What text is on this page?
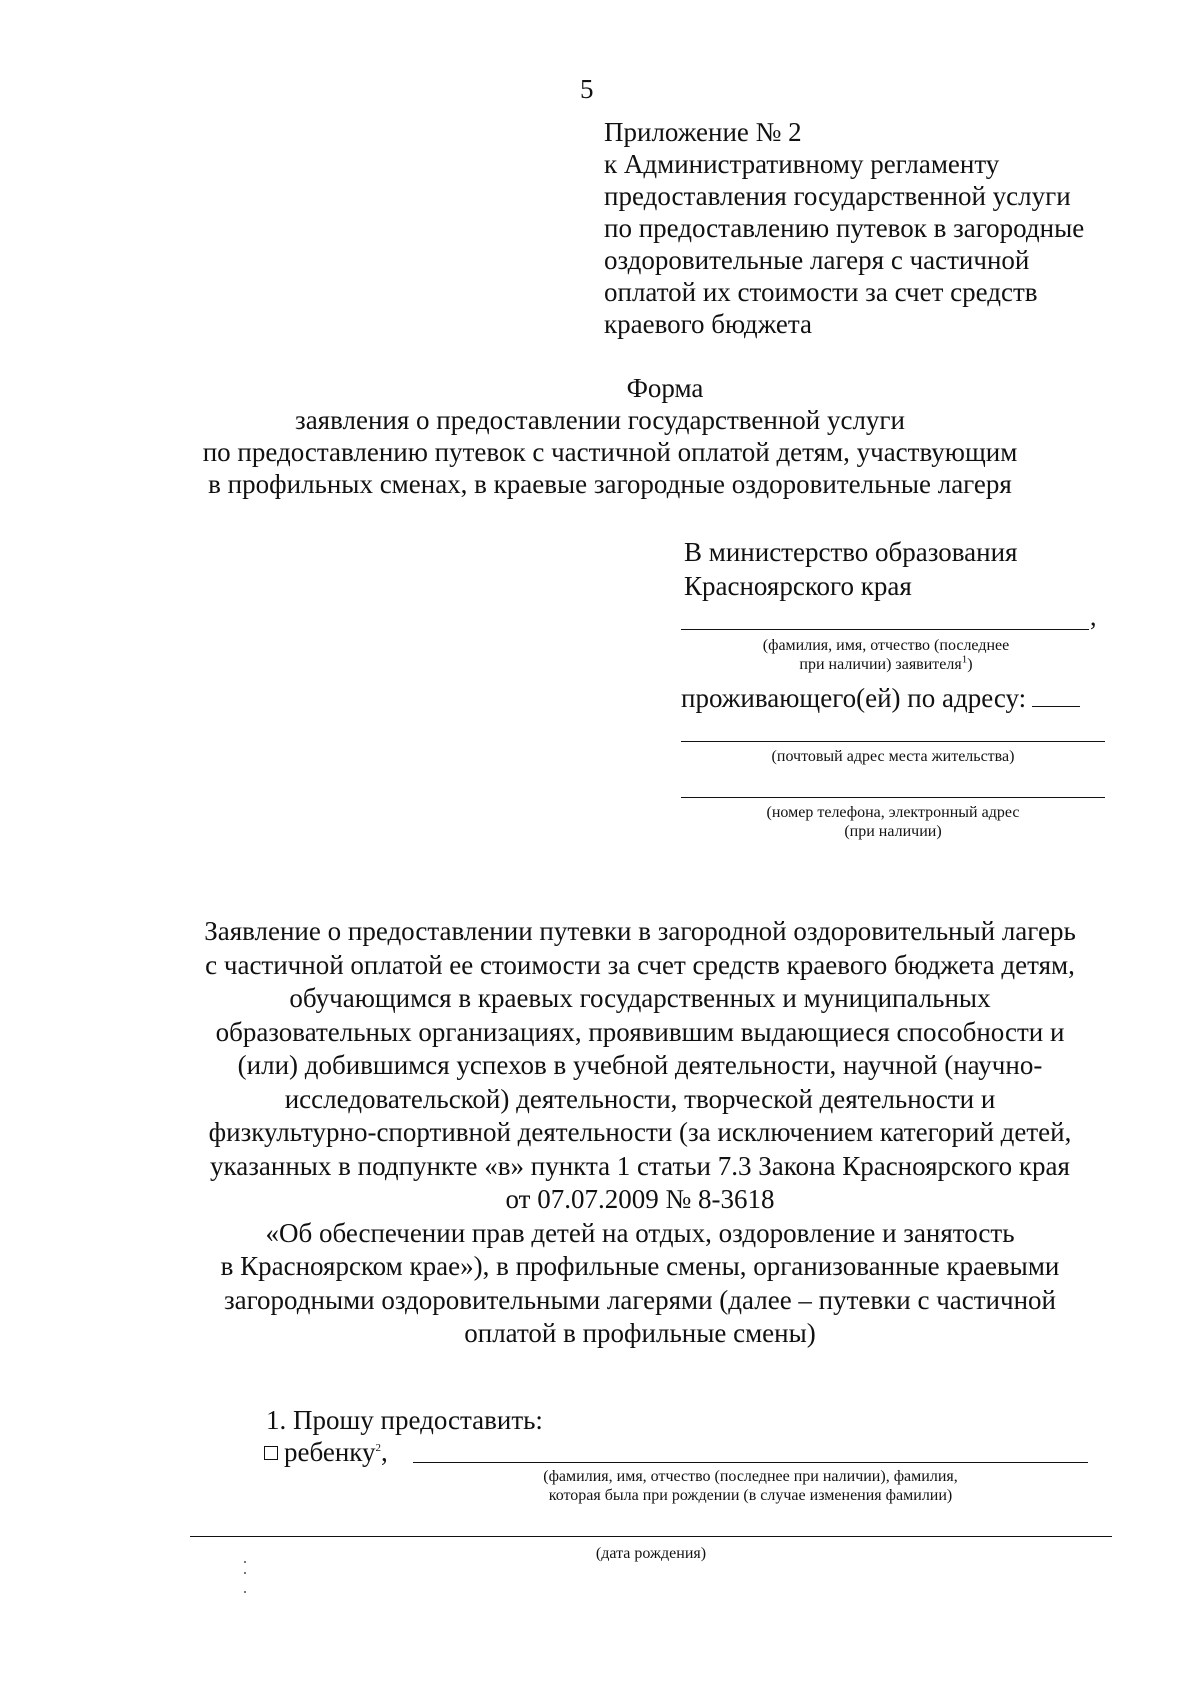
5
Приложение № 2
к Административному регламенту
предоставления государственной услуги
по предоставлению путевок в загородные
оздоровительные лагеря с частичной
оплатой их стоимости за счет средств
краевого бюджета
Форма
заявления о предоставлении государственной услуги
по предоставлению путевок с частичной оплатой детям, участвующим
в профильных сменах, в краевые загородные оздоровительные лагеря
В министерство образования
Красноярского края
,
(фамилия, имя, отчество (последнее
при наличии) заявителя$^1$)
проживающего(ей) по адресу:
(почтовый адрес места жительства)
(номер телефона, электронный адрес
(при наличии)
Заявление о предоставлении путевки в загородной оздоровительный лагерь
с частичной оплатой ее стоимости за счет средств краевого бюджета детям,
обучающимся в краевых государственных и муниципальных
образовательных организациях, проявившим выдающиеся способности и
(или) добившимся успехов в учебной деятельности, научной (научно-
исследовательской) деятельности, творческой деятельности и
физкультурно-спортивной деятельности (за исключением категорий детей,
указанных в подпункте «в» пункта 1 статьи 7.3 Закона Красноярского края
от 07.07.2009 № 8-3618
«Об обеспечении прав детей на отдых, оздоровление и занятость
в Красноярском крае»), в профильные смены, организованные краевыми
загородными оздоровительными лагерями (далее – путевки с частичной
оплатой в профильные смены)
1. Прошу предоставить:
ребенку$^2$,
(фамилия, имя, отчество (последнее при наличии), фамилия,
которая была при рождении (в случае изменения фамилии)
(дата рождения)
